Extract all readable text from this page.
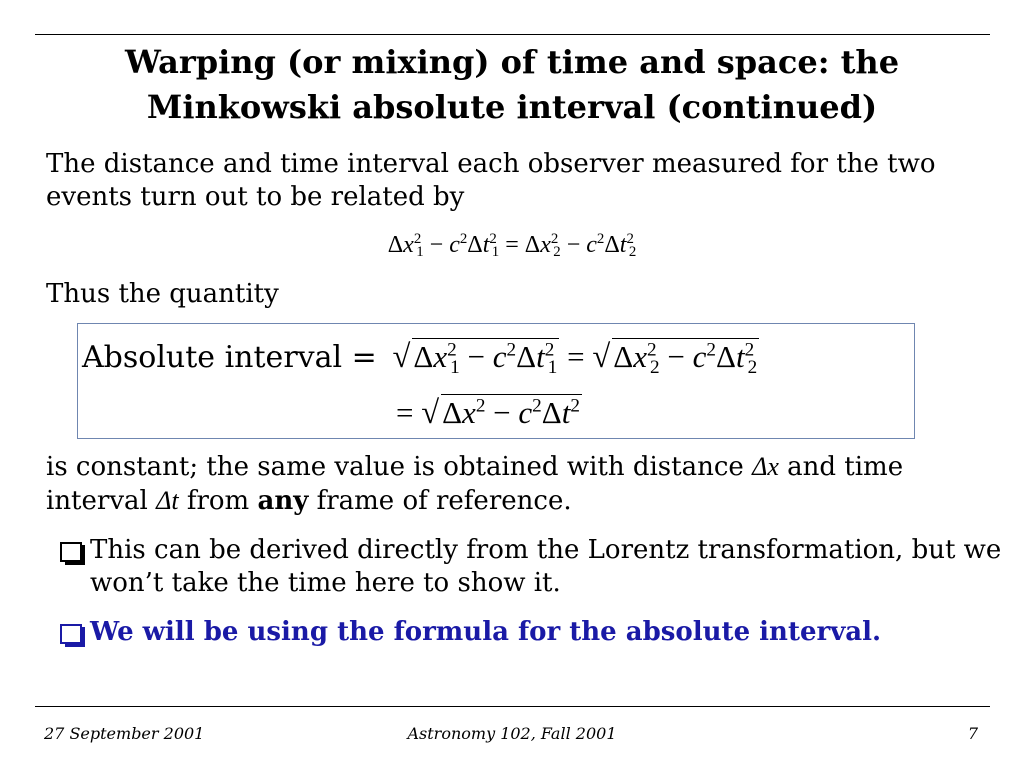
Warping (or mixing) of time and space: the
Minkowski absolute interval (continued)
The distance and time interval each observer measured for the two events turn out to be related by
$\Delta x^2_1 - c^2\Delta t^2_1 = \Delta x^2_2 - c^2\Delta t^2_2$
Thus the quantity
Absolute interval = $√\Delta x^2_1 - c^2\Delta t^2_1 = √\Delta x^2_2 - c^2\Delta t^2_2$
= $√\Delta x^2 - c^2\Delta t^2$
is constant; the same value is obtained with distance Δx and time interval Δt from any frame of reference.
This can be derived directly from the Lorentz transformation, but we won’t take the time here to show it.
We will be using the formula for the absolute interval.
27 September 2001	Astronomy 102, Fall 2001	7
